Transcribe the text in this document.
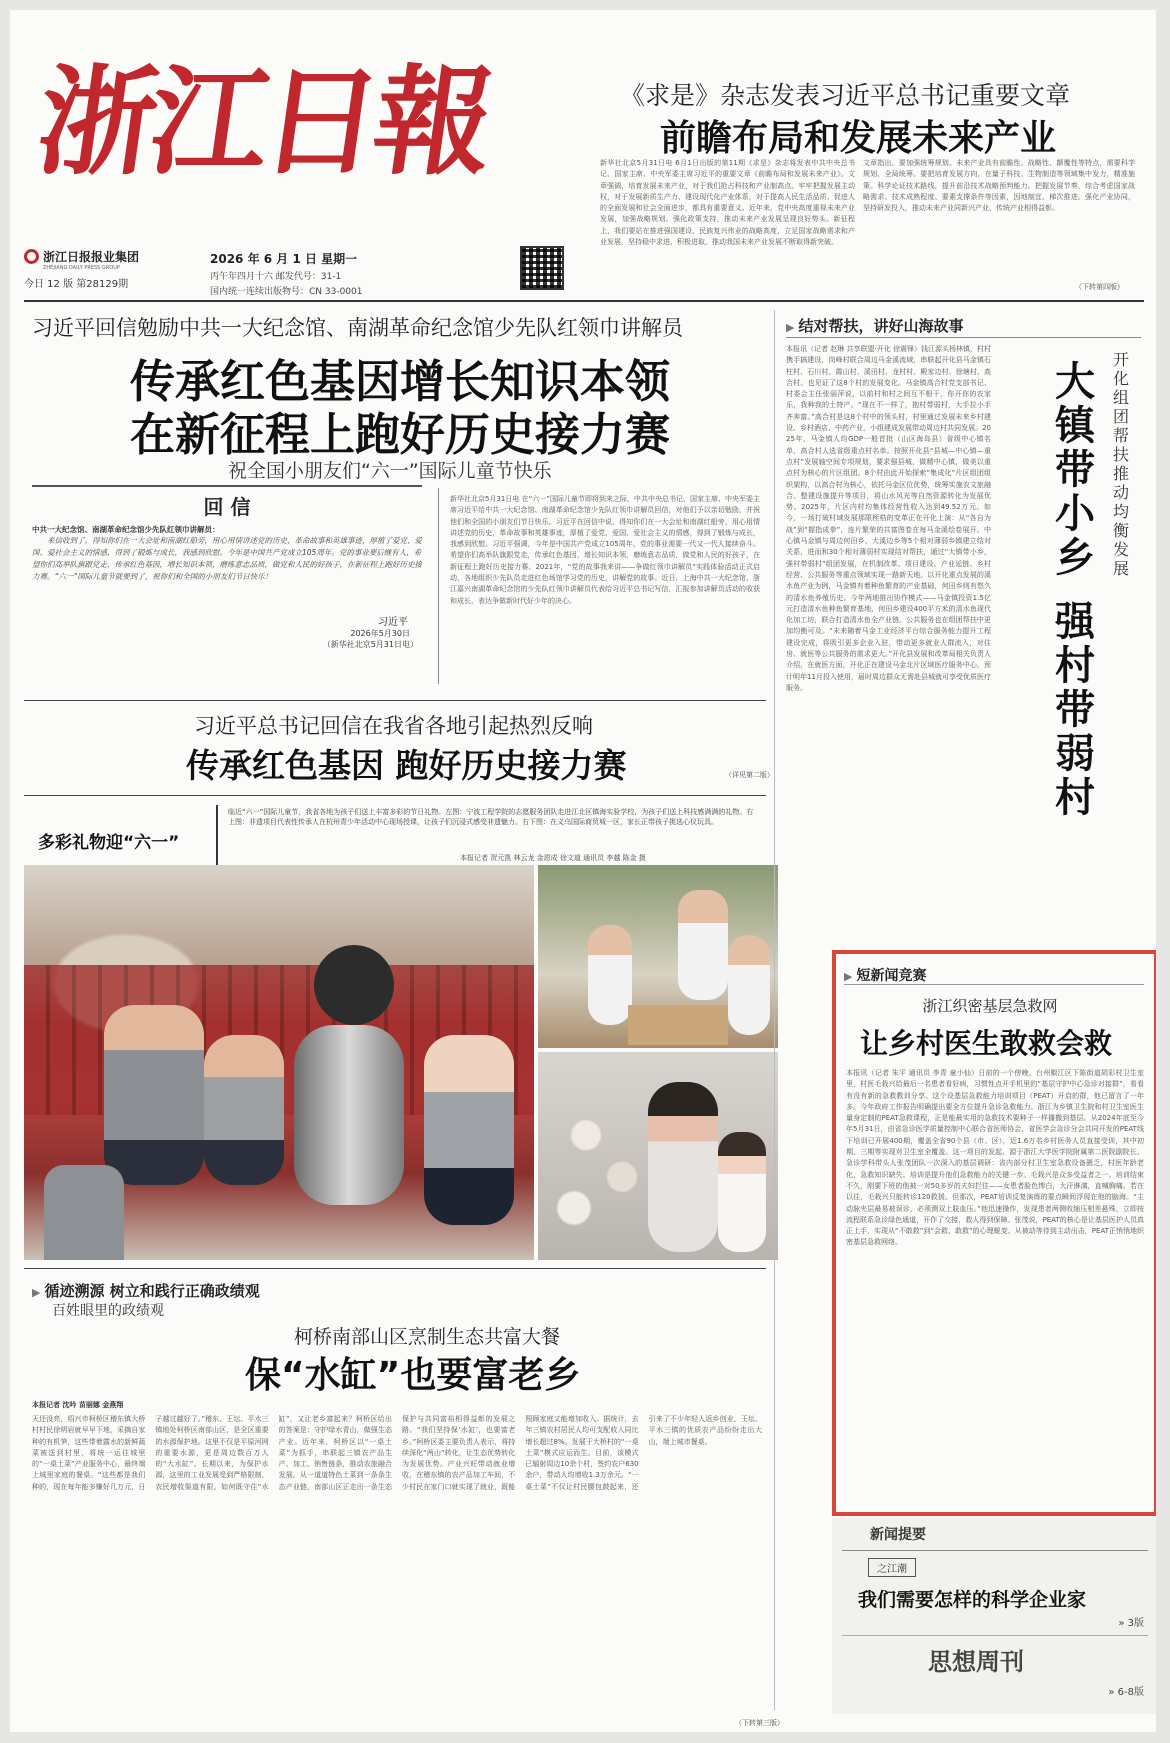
浙江日報
浙江日报报业集团
ZHEJIANG DAILY PRESS GROUP
今日 12 版 第28129期
2026 年 6 月 1 日 星期一
丙午年四月十六 邮发代号：31-1
国内统一连续出版物号：CN 33-0001
《求是》杂志发表习近平总书记重要文章
前瞻布局和发展未来产业
新华社北京5月31日电 6月1日出版的第11期《求是》杂志将发表中共中央总书记、国家主席、中央军委主席习近平的重要文章《前瞻布局和发展未来产业》。文章强调，培育发展未来产业，对于我们抢占科技和产业制高点、牢牢把握发展主动权，对于发展新质生产力、建设现代化产业体系，对于提高人民生活品质、促进人的全面发展和社会全面进步，都具有重要意义。近年来，党中央高度重视未来产业发展，加强战略规划、强化政策支持，推动未来产业发展呈现良好势头。新征程上，我们要站在推进强国建设、民族复兴伟业的战略高度，立足国家战略需求和产业发展，坚持稳中求进、积极进取，推动我国未来产业发展不断取得新突破。
文章指出，要加强统筹规划。未来产业具有前瞻性、战略性、颠覆性等特点，需要科学规划、全局统筹。要把培育发展方向，在量子科技、生物制造等领域集中发力，精准施策。科学论证技术路线，提升前沿技术战略预判能力。把握发展节奏，综合考虑国家战略需求、技术成熟程度、要素支撑条件等因素，因地制宜、梯次推进。强化产业协同，坚持研发投入，推动未来产业同新兴产业、传统产业相得益彰。
（下转第四版）
习近平回信勉励中共一大纪念馆、南湖革命纪念馆少先队红领巾讲解员
传承红色基因增长知识本领
在新征程上跑好历史接力赛
祝全国小朋友们“六一”国际儿童节快乐
回 信
中共一大纪念馆、南湖革命纪念馆少先队红领巾讲解员：
来信收到了。得知你们在一大会址和南湖红船旁，用心用情讲述党的历史，革命故事和英雄事迹，厚植了爱党、爱国、爱社会主义的情感，得到了锻炼与成长，我感到欣慰。今年是中国共产党成立105周年。党的事业要后继有人，希望你们高举队旗跟党走，传承红色基因，增长知识本领，磨练意志品质，做党和人民的好孩子，在新征程上跑好历史接力赛。“六一”国际儿童节就要到了，祝你们和全国的小朋友们节日快乐！
习近平
2026年5月30日
（新华社北京5月31日电）
新华社北京5月31日电 在“六一”国际儿童节即将到来之际，中共中央总书记、国家主席、中央军委主席习近平给中共一大纪念馆、南湖革命纪念馆少先队红领巾讲解员回信，对他们予以亲切勉励，并祝他们和全国的小朋友们节日快乐。习近平在回信中说，得知你们在一大会址和南湖红船旁，用心用情讲述党的历史，革命故事和英雄事迹，厚植了爱党、爱国、爱社会主义的情感，得到了锻炼与成长，我感到欣慰。习近平强调，今年是中国共产党成立105周年，党的事业需要一代又一代人接续奋斗。希望你们高举队旗跟党走，传承红色基因，增长知识本领，磨练意志品质，做党和人民的好孩子，在新征程上跑好历史接力赛。2021年，“党的故事我来讲——争做红领巾讲解员”实践体验活动正式启动，各地组织少先队员走进红色场馆学习党的历史，讲解党的故事。近日，上海中共一大纪念馆、浙江嘉兴南湖革命纪念馆的少先队红领巾讲解员代表给习近平总书记写信，汇报参加讲解员活动的收获和成长，表达争做新时代好少年的决心。
习近平总书记回信在我省各地引起热烈反响
传承红色基因 跑好历史接力赛	（详见第二版）
多彩礼物迎“六一”
临近“六一”国际儿童节，我省各地为孩子们送上丰富多彩的节日礼物。左图：宁波工程学院的志愿服务团队走进江北区镇海实验学校，为孩子们送上科技感满满的礼物。右上图：非遗项目代表性传承人在杭州青少年活动中心现场授课，让孩子们沉浸式感受非遗魅力。右下图：在义乌国际商贸城一区，家长正带孩子挑选心仪玩具。
本报记者 贺元凯 林云龙 金恩成 徐文道 通讯员 李越 陈金 摄
▶ 循迹溯源 树立和践行正确政绩观
百姓眼里的政绩观
柯桥南部山区烹制生态共富大餐
保“水缸”也要富老乡
本报记者 沈吟 苗丽娜 金燕翔
天还没亮，绍兴市柯桥区稽东镇大桥村村民徐明岩就早早下地，采摘自家种的有机笋，这些带着露水的新鲜蔬菜被送到村里，将统一运往城里的“一桌土菜”产业服务中心，最终端上城里家庭的餐桌。“这些都是我们种的，现在每年能多赚好几万元，日子越过越好了。”稽东、王坛、平水三镇地处柯桥区南部山区，是全区重要的水源保护地。这里不仅是平原河网的重要水源，更是周边数百万人的“大水缸”。长期以来，为保护水源，这里的工业发展受到严格限制，农民增收渠道有限。如何既守住“水缸”，又让老乡富起来？柯桥区给出的答案是：守护绿水青山，做强生态产业。近年来，柯桥区以“一桌土菜”为抓手，串联起三镇农产品生产、加工、销售链条，推动农旅融合发展。从一道道特色土菜到一条条生态产业链，南部山区正走出一条生态保护与共同富裕相得益彰的发展之路。“我们坚持保‘水缸’，也要富老乡。”柯桥区委主要负责人表示，将持续深化“两山”转化，让生态优势转化为发展优势。产业兴旺带动就业增收，在稽东镇的农产品加工车间，不少村民在家门口就实现了就业，既能照顾家庭又能增加收入。据统计，去年三镇农村居民人均可支配收入同比增长超过8%。发展于大桥村的“一桌土菜”模式应运而生。目前，该模式已辐射周边10余个村，签约农户630余户，带动人均增收1.3万余元。“一桌土菜”不仅让村民腰包鼓起来，还引来了不少年轻人返乡创业，王坛、平水三镇的优质农产品纷纷走出大山，端上城市餐桌。
（下转第三版）
▶ 结对帮扶，讲好山海故事
本报讯（记者 赵琳 共享联盟·开化 徐震锋）钱江源头杨林镇，村村携手搞建设，岗峰村联合周边马金溪流域，串联起开化县马金镇石柱村、石川村、霞山村、溪田村、龙村村、殿家边村、徐塘村、高合村。也见证了这8个村的发展变化。马金镇高合村党支部书记、村委会主任张丽萍说，以前村和村之间互不相干，你开你的农家乐，我种我的土特产。“现在不一样了，抱村带弱村，大手拉小手齐奔富。”高合村是这8个村中的领头村，村里通过发展未来乡村建设、乡村酒店、中药产业，小组建成发展带动周边村共同发展。2025年，马金镇人均GDP一般首批（山区海岛县）省级中心镇名单，高合村人选省级重点村名单。按照开化县“县城—中心镇—重点村”发展轴空间专项规划，要求强县城，做精中心镇，做美以重点村为核心的片区组团。8个村由此开始探索“集成化”片区组团组织架构，以高合村为核心，依托马金区位优势，统筹实施农文旅融合、整建设施提升等项目，将山水风光等自然资源转化为发展优势。2025年，片区内村均集体经营性收入达到49.52万元。如今，一场打破村域发展那限桎梏的变革正在开化上演：从“各自为战”到“握指成拳”，连片繁荣的共富图卷在每马金溪绘卷展开。中心镇马金镇与周边何田乡、大溪边乡等5个相对薄弱乡镇建立结对关系，进而和30个相对薄弱村实现结对帮扶，通过“大镇带小乡，强村带弱村”组团发展，在机制改革、项目建设、产业延链、乡村经营、公共服务等重点领域实现一路新天地。以开化重点发展的溪水鱼产业为例，马金镇有着种鱼繁育的产业基础，何田乡则有悠久的清水鱼养殖历史。今年两地推出协作模式——马金镇投资1.5亿元打造清水鱼种鱼繁育基地，何田乡建设400平方米的清水鱼现代化加工坊，联合打造清水鱼全产业链。公共服务也在组团帮扶中更加均衡可及。“未来随着马金工业经济平台综合服务能力提升工程建设完成，将吸引更多企业入驻，带动更多就业人群流入，对住房、就医等公共服务的需求更大。”开化县发展和改革局相关负责人介绍，在就医方面，开化正在建设马金北片区域医疗服务中心，预计明年11月投入使用，届时周边群众无需赴县城就可享受优质医疗服务。
开化组团帮扶推动均衡发展
大镇带小乡
强村带弱村
▶ 短新闻竞赛
浙江织密基层急救网
让乡村医生敢救会救
本报讯（记者 朱平 通讯员 李青 童小仙）日前的一个傍晚，台州椒江区下陈街道胡彩村卫生室里，村医毛栽兴给最后一名患者看好病，习惯性点开手机里的“基层守护中心急诊对接群”，看看有没有新的急救教训分享。这个设基层急救能力培训项目（PEAT）开启的群，他已留言了一年多。今年政府工作报告明确提出要全方位提升急诊急救能力。浙江为乡镇卫生院和村卫生室医生量身定制的PEAT急救课程，正是能最实用的急救技术要种子一样播撒到基层。从2024年底至今年5月31日，由省急诊医学质量控制中心联合省医师协会、省医学会急诊分会共同开发的PEAT线下培训已开展400期，覆盖全省90个县（市、区），近1.6万名乡村医务人员直接受训，其中初期、三期等实现对卫生室全覆盖。这一项目的发起，源于浙江大学医学院附属第二医院副院长、急诊学科带头人张茂团队一次深入的基层调研：省内部分村卫生室急救设备匮乏，村医年龄老化，急救知识缺失。培训是提升他们急救能力的关键一步。毛栽兴是众多受益者之一。培训结束不久，刚要下班的他被一对50多岁的夫妇拦住——女患者脸色惨白，大汗淋漓，直喊胸痛。若在以往，毛栽兴只能转诊120救援。但那次，PEAT培训反复演练的要点瞬间浮现在他的脑海。“主动脉夹层最易被误诊，必须测双上肢血压。”他迅速操作，发现患者两侧收缩压相差悬殊，立即按流程联系急诊绿色通道，开作了交接，救人得到保障。张茂说，PEAT的核心是让基层医护人员真正上手，实现从“不敢救”到“会救、敢救”的心理蜕变。从被动等待到主动出击，PEAT正悄悄地织密基层急救网络。
新闻提要
之江潮
我们需要怎样的科学企业家
» 3版
思想周刊
» 6-8版
